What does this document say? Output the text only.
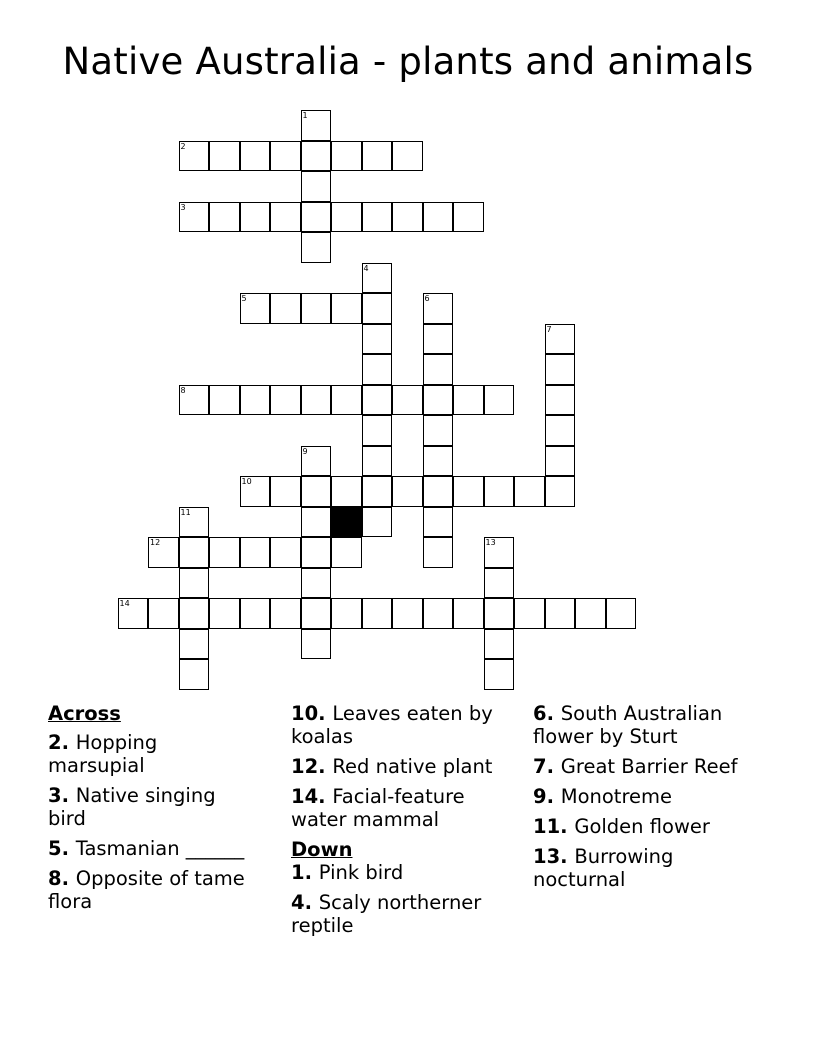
Native Australia - plants and animals
1
2
3
4
5	6
7
8
9
10
11
12	13
14
Across
2. Hopping marsupial
3. Native singing bird
5. Tasmanian ______
8. Opposite of tame flora
10. Leaves eaten by koalas
12. Red native plant
14. Facial-feature water mammal
Down
1. Pink bird
4. Scaly northerner reptile
6. South Australian flower by Sturt
7. Great Barrier Reef
9. Monotreme
11. Golden flower
13. Burrowing nocturnal
